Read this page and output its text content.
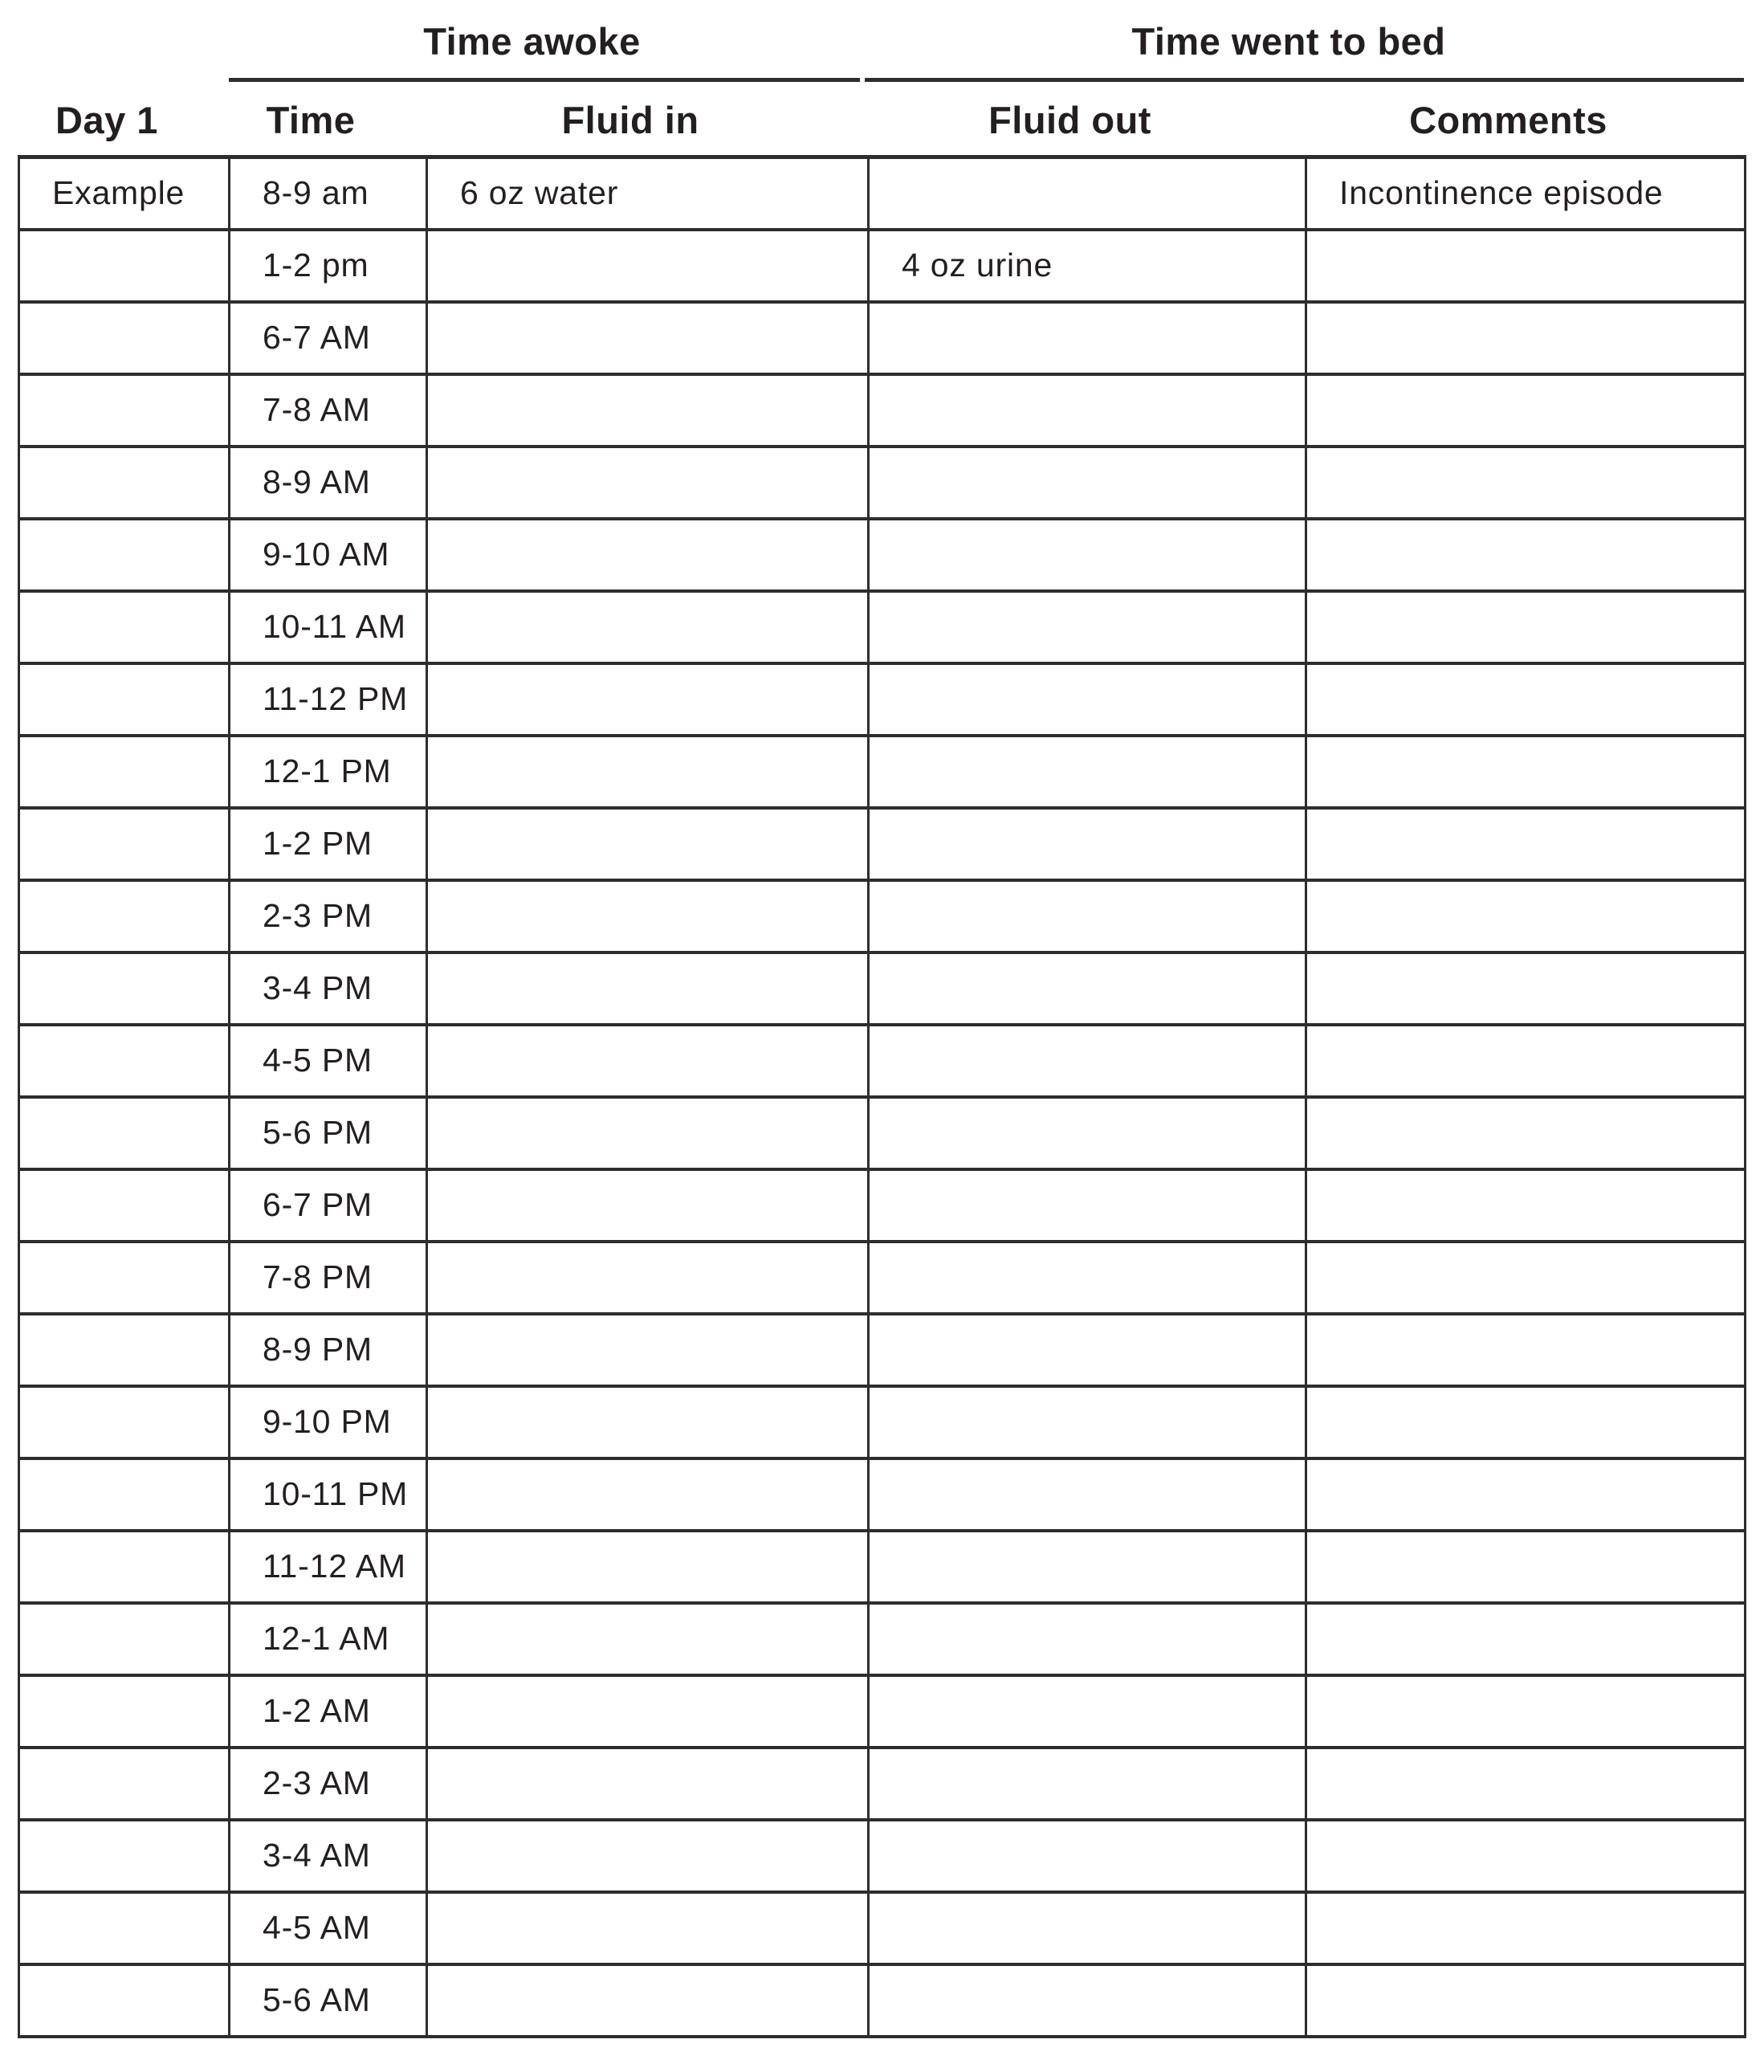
Time awoke	Time went to bed
Day 1	Time	Fluid in	Fluid out	Comments
Example	8-9 am	6 oz water		Incontinence episode
	1-2 pm		4 oz urine	
	6-7 AM			
	7-8 AM			
	8-9 AM			
	9-10 AM			
	10-11 AM			
	11-12 PM			
	12-1 PM			
	1-2 PM			
	2-3 PM			
	3-4 PM			
	4-5 PM			
	5-6 PM			
	6-7 PM			
	7-8 PM			
	8-9 PM			
	9-10 PM			
	10-11 PM			
	11-12 AM			
	12-1 AM			
	1-2 AM			
	2-3 AM			
	3-4 AM			
	4-5 AM			
	5-6 AM			
